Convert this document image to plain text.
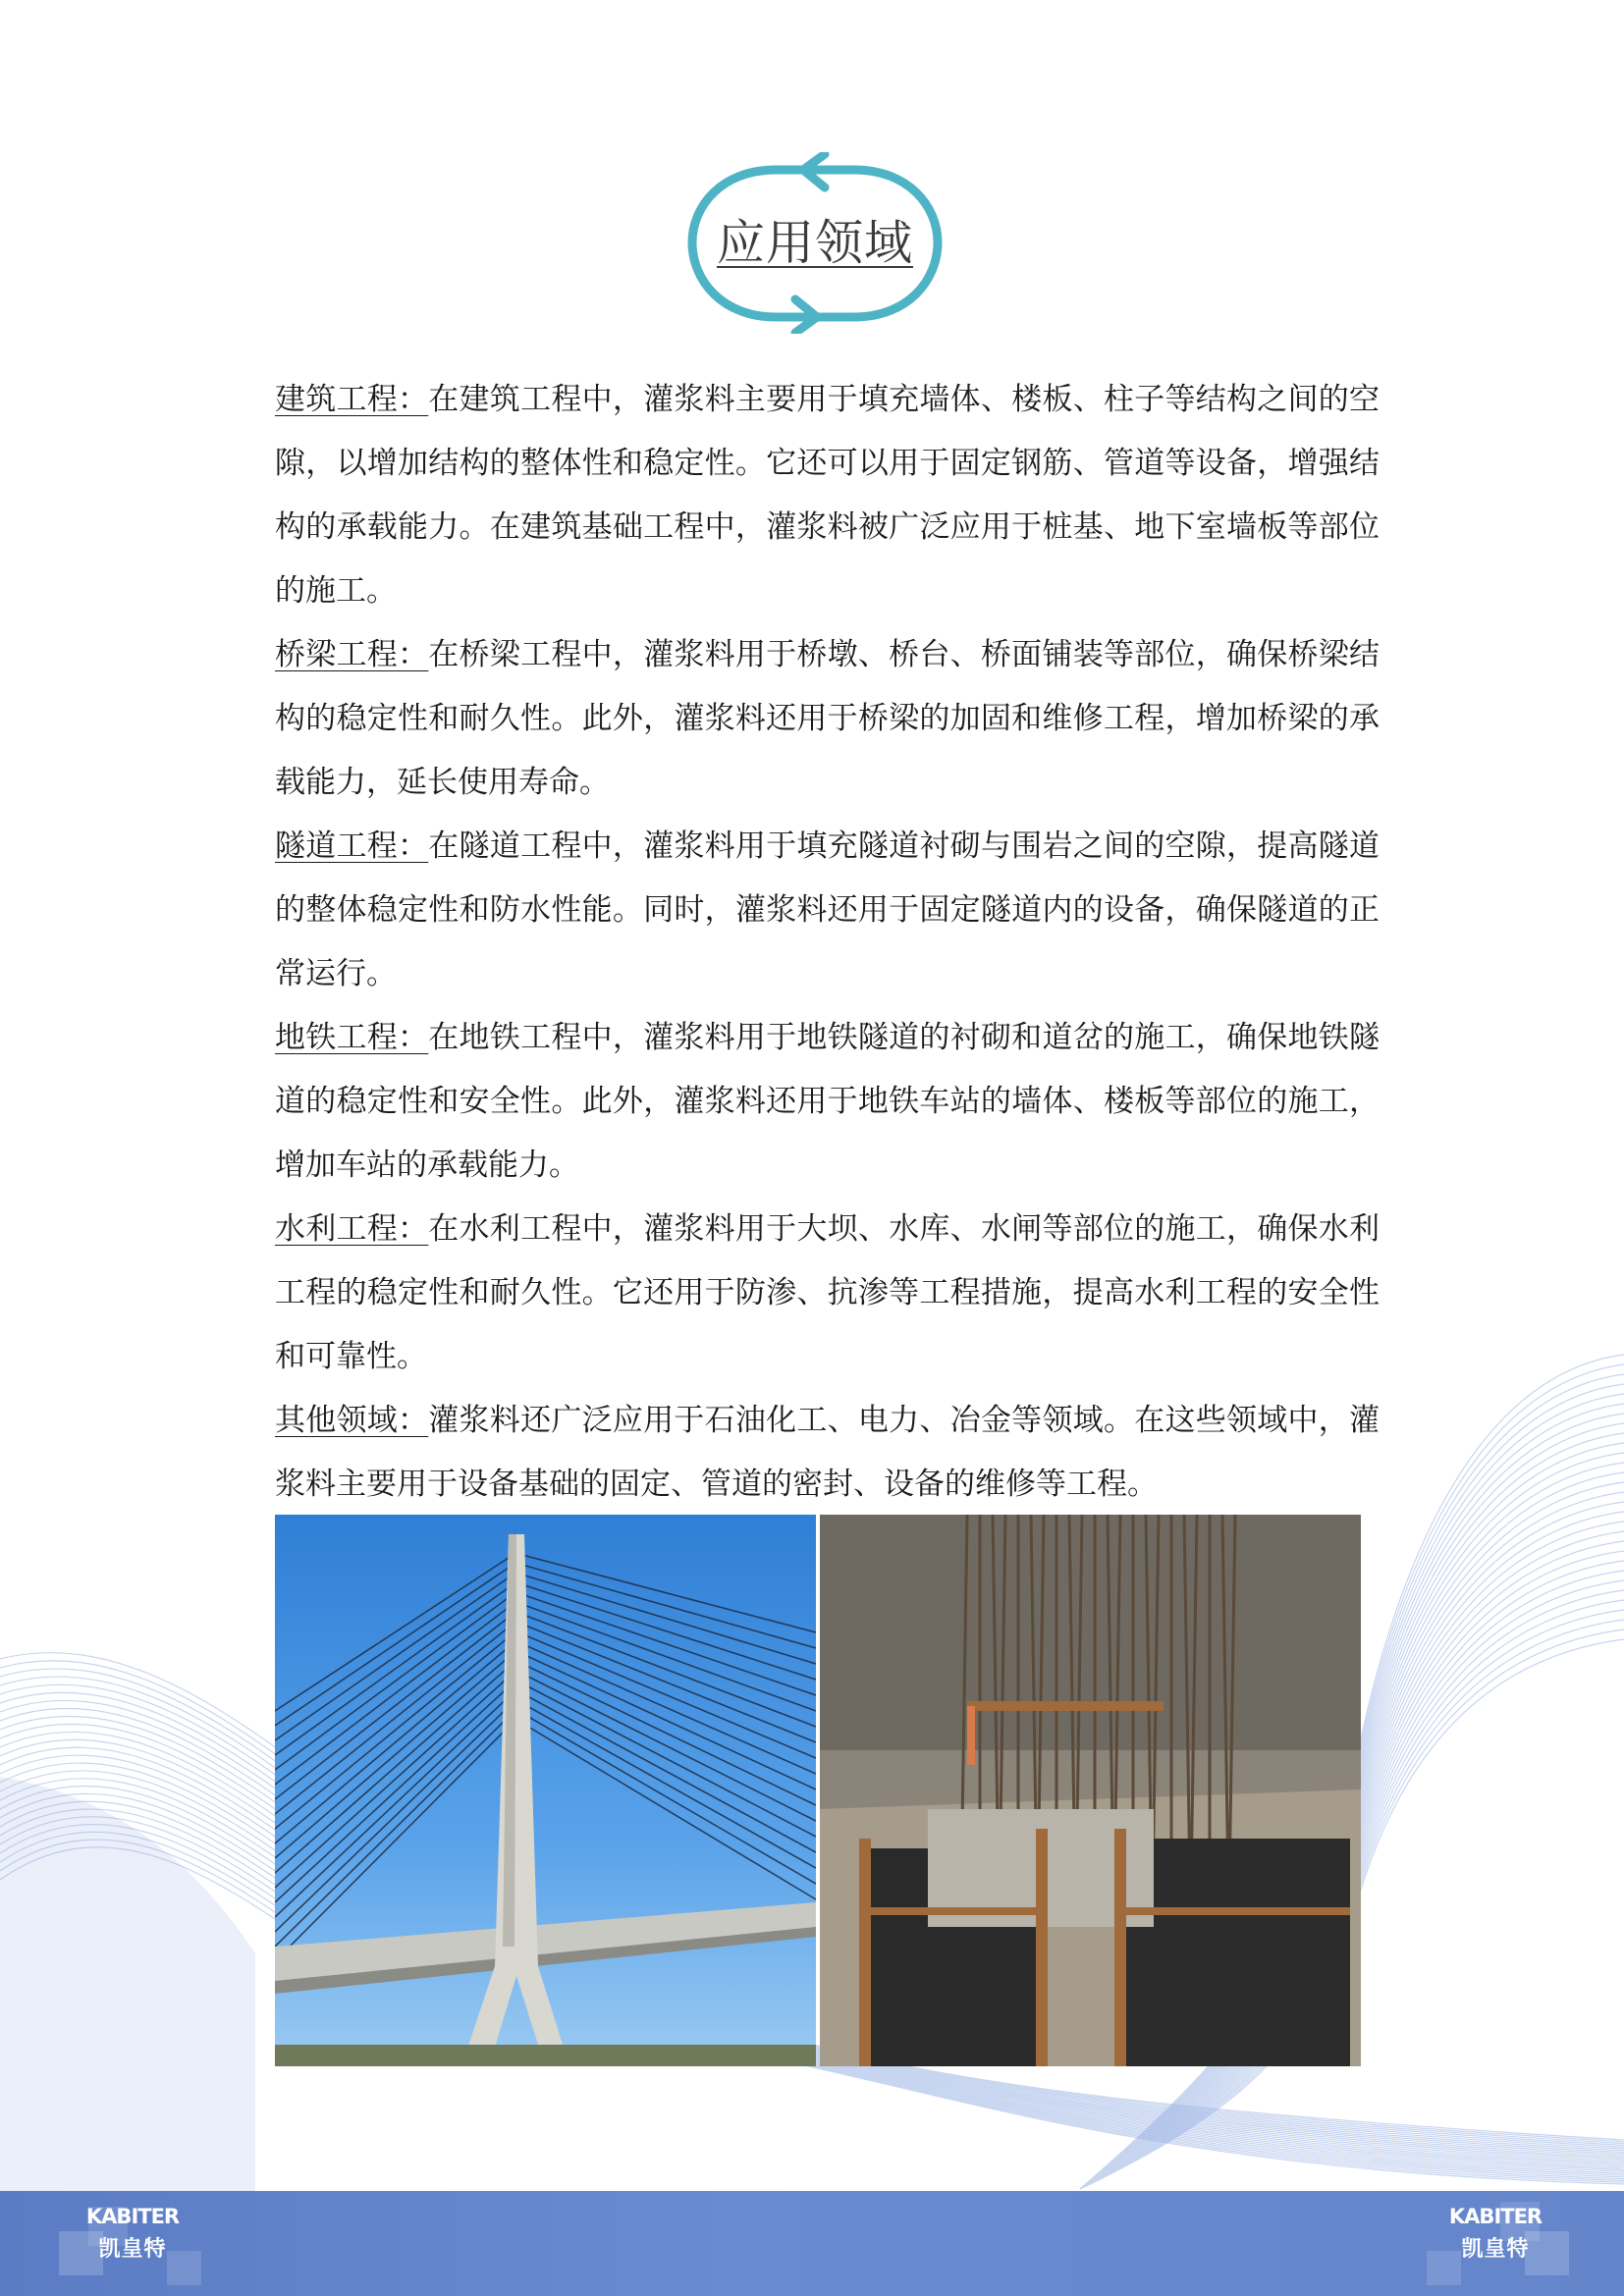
应用领域

建筑工程：在建筑工程中，灌浆料主要用于填充墙体、楼板、柱子等结构之间的空隙，以增加结构的整体性和稳定性。它还可以用于固定钢筋、管道等设备，增强结构的承载能力。在建筑基础工程中，灌浆料被广泛应用于桩基、地下室墙板等部位的施工。

桥梁工程：在桥梁工程中，灌浆料用于桥墩、桥台、桥面铺装等部位，确保桥梁结构的稳定性和耐久性。此外，灌浆料还用于桥梁的加固和维修工程，增加桥梁的承载能力，延长使用寿命。

隧道工程：在隧道工程中，灌浆料用于填充隧道衬砌与围岩之间的空隙，提高隧道的整体稳定性和防水性能。同时，灌浆料还用于固定隧道内的设备，确保隧道的正常运行。

地铁工程：在地铁工程中，灌浆料用于地铁隧道的衬砌和道岔的施工，确保地铁隧道的稳定性和安全性。此外，灌浆料还用于地铁车站的墙体、楼板等部位的施工，增加车站的承载能力。

水利工程：在水利工程中，灌浆料用于大坝、水库、水闸等部位的施工，确保水利工程的稳定性和耐久性。它还用于防渗、抗渗等工程措施，提高水利工程的安全性和可靠性。

其他领域：灌浆料还广泛应用于石油化工、电力、冶金等领域。在这些领域中，灌浆料主要用于设备基础的固定、管道的密封、设备的维修等工程。

KABITER
凯皇特
KABITER
凯皇特
